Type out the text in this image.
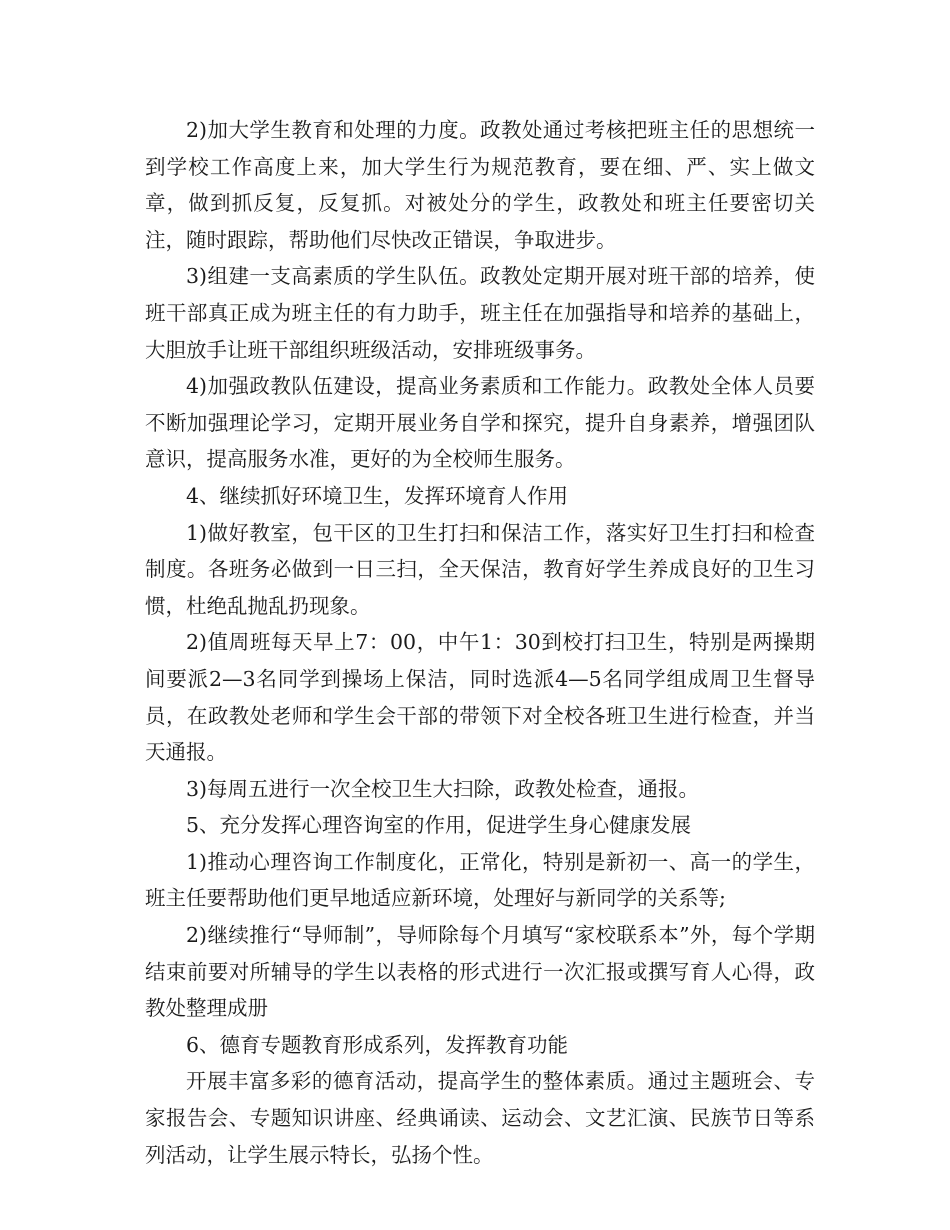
2)加大学生教育和处理的力度。政教处通过考核把班主任的思想统一到学校工作高度上来，加大学生行为规范教育，要在细、严、实上做文章，做到抓反复，反复抓。对被处分的学生，政教处和班主任要密切关注，随时跟踪，帮助他们尽快改正错误，争取进步。

3)组建一支高素质的学生队伍。政教处定期开展对班干部的培养，使班干部真正成为班主任的有力助手，班主任在加强指导和培养的基础上，大胆放手让班干部组织班级活动，安排班级事务。

4)加强政教队伍建设，提高业务素质和工作能力。政教处全体人员要不断加强理论学习，定期开展业务自学和探究，提升自身素养，增强团队意识，提高服务水准，更好的为全校师生服务。

4、继续抓好环境卫生，发挥环境育人作用

1)做好教室，包干区的卫生打扫和保洁工作，落实好卫生打扫和检查制度。各班务必做到一日三扫，全天保洁，教育好学生养成良好的卫生习惯，杜绝乱抛乱扔现象。

2)值周班每天早上7：00，中午1：30到校打扫卫生，特别是两操期间要派2—3名同学到操场上保洁，同时选派4—5名同学组成周卫生督导员，在政教处老师和学生会干部的带领下对全校各班卫生进行检查，并当天通报。

3)每周五进行一次全校卫生大扫除，政教处检查，通报。

5、充分发挥心理咨询室的作用，促进学生身心健康发展

1)推动心理咨询工作制度化，正常化，特别是新初一、高一的学生，班主任要帮助他们更早地适应新环境，处理好与新同学的关系等;

2)继续推行“导师制”，导师除每个月填写“家校联系本”外，每个学期结束前要对所辅导的学生以表格的形式进行一次汇报或撰写育人心得，政教处整理成册

6、德育专题教育形成系列，发挥教育功能

开展丰富多彩的德育活动，提高学生的整体素质。通过主题班会、专家报告会、专题知识讲座、经典诵读、运动会、文艺汇演、民族节日等系列活动，让学生展示特长，弘扬个性。
